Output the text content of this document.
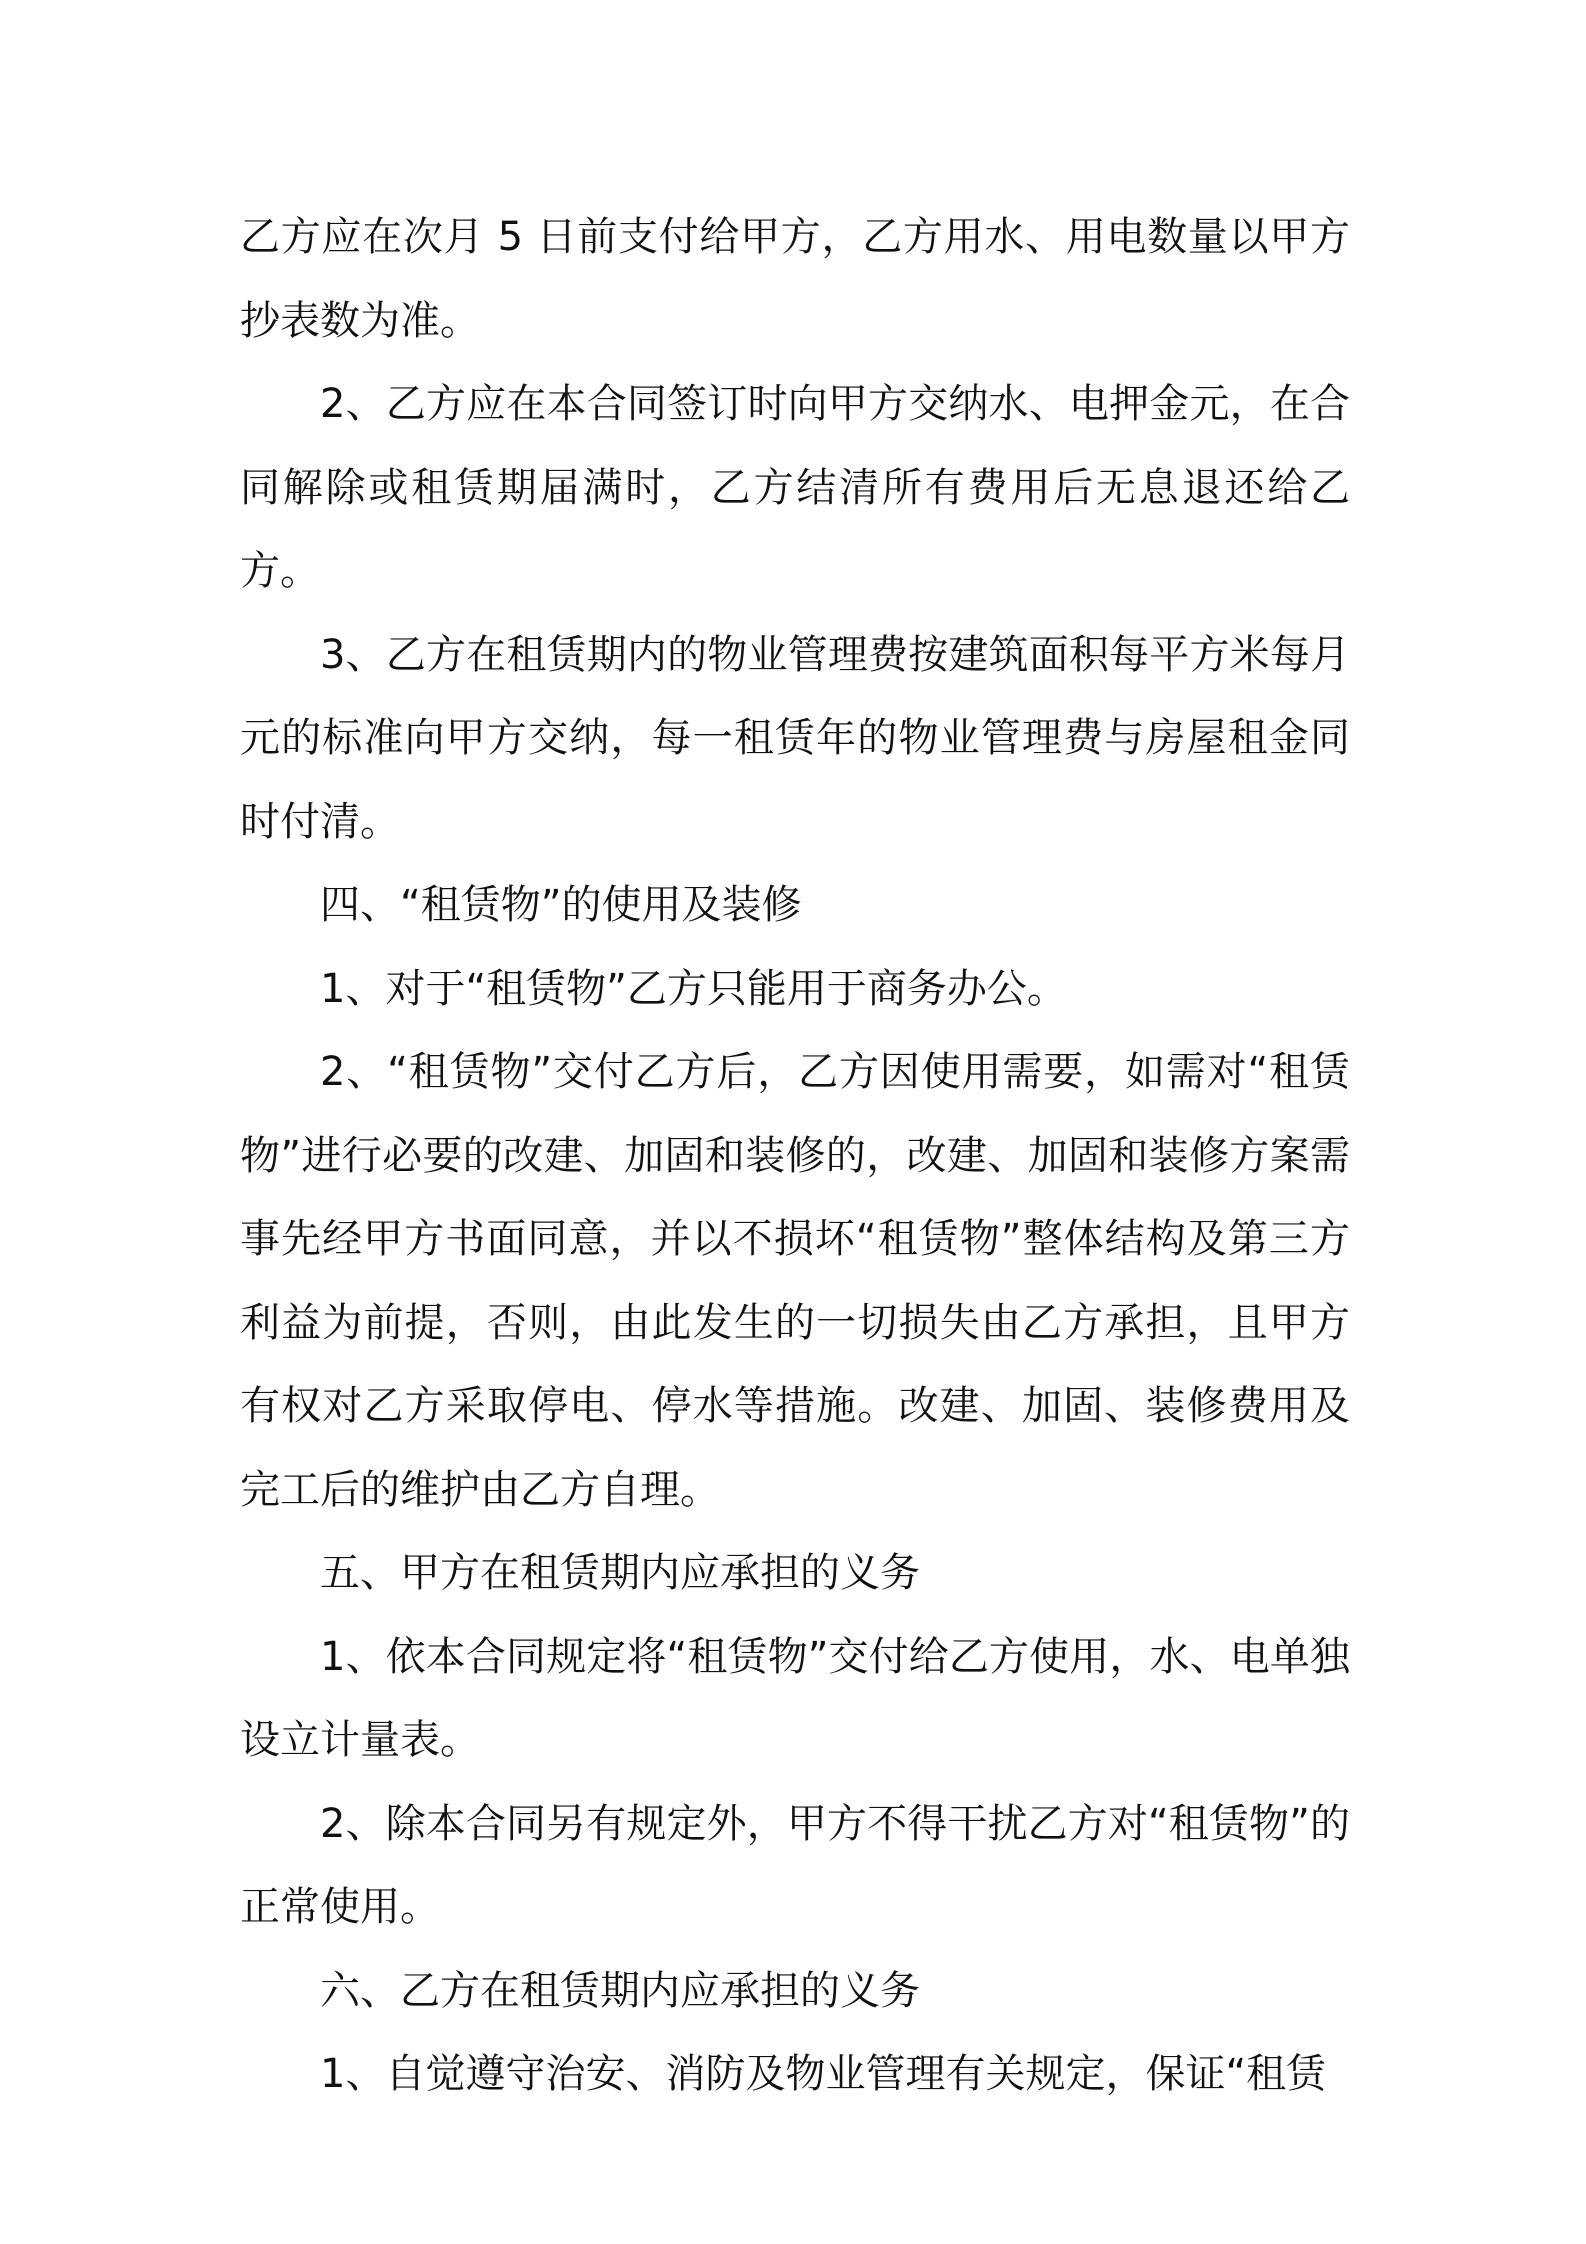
乙方应在次月 5 日前支付给甲方，乙方用水、用电数量以甲方抄表数为准。

2、乙方应在本合同签订时向甲方交纳水、电押金元，在合同解除或租赁期届满时，乙方结清所有费用后无息退还给乙方。

3、乙方在租赁期内的物业管理费按建筑面积每平方米每月元的标准向甲方交纳，每一租赁年的物业管理费与房屋租金同时付清。

四、“租赁物”的使用及装修

1、对于“租赁物”乙方只能用于商务办公。

2、“租赁物”交付乙方后，乙方因使用需要，如需对“租赁物”进行必要的改建、加固和装修的，改建、加固和装修方案需事先经甲方书面同意，并以不损坏“租赁物”整体结构及第三方利益为前提，否则，由此发生的一切损失由乙方承担，且甲方有权对乙方采取停电、停水等措施。改建、加固、装修费用及完工后的维护由乙方自理。

五、甲方在租赁期内应承担的义务

1、依本合同规定将“租赁物”交付给乙方使用，水、电单独设立计量表。

2、除本合同另有规定外，甲方不得干扰乙方对“租赁物”的正常使用。

六、乙方在租赁期内应承担的义务

1、自觉遵守治安、消防及物业管理有关规定，保证“租赁
